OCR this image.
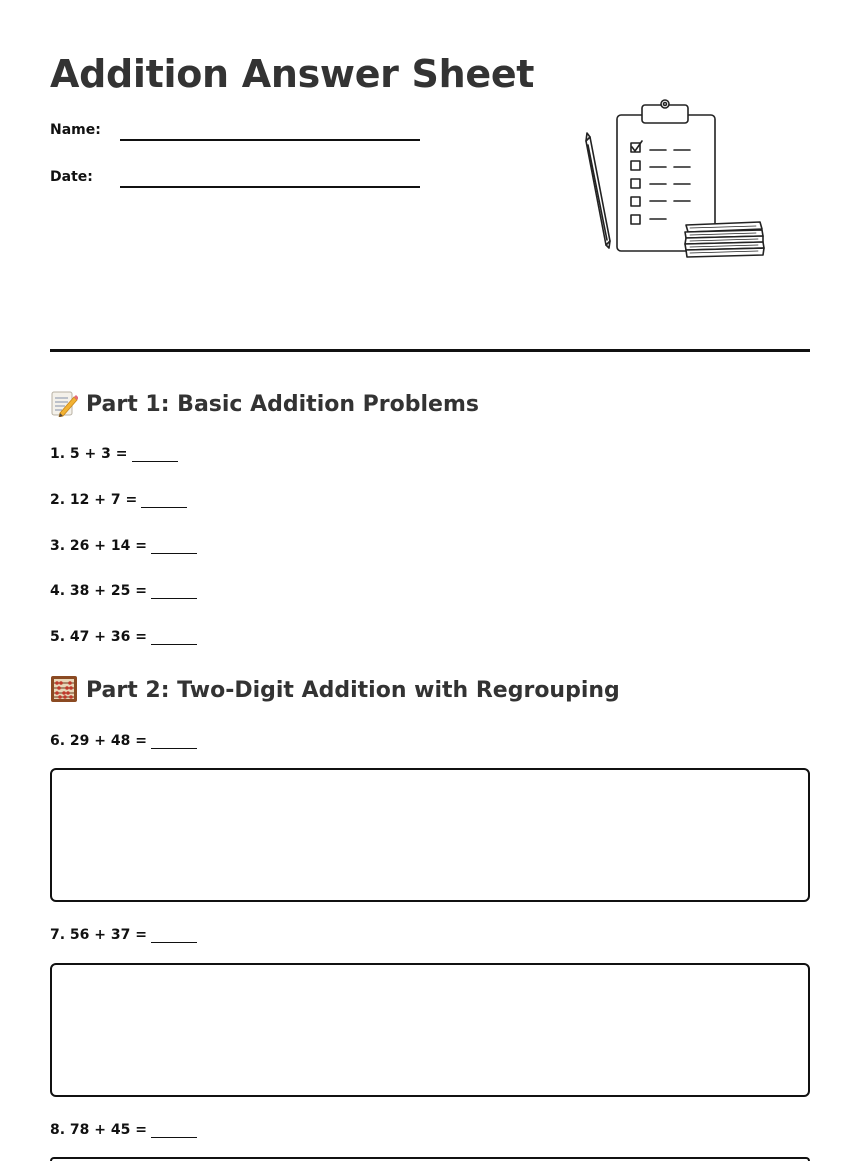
Addition Answer Sheet
Name:
Date:
Part 1: Basic Addition Problems
1. 5 + 3 =
2. 12 + 7 =
3. 26 + 14 =
4. 38 + 25 =
5. 47 + 36 =
Part 2: Two-Digit Addition with Regrouping
6. 29 + 48 =
7. 56 + 37 =
8. 78 + 45 =
